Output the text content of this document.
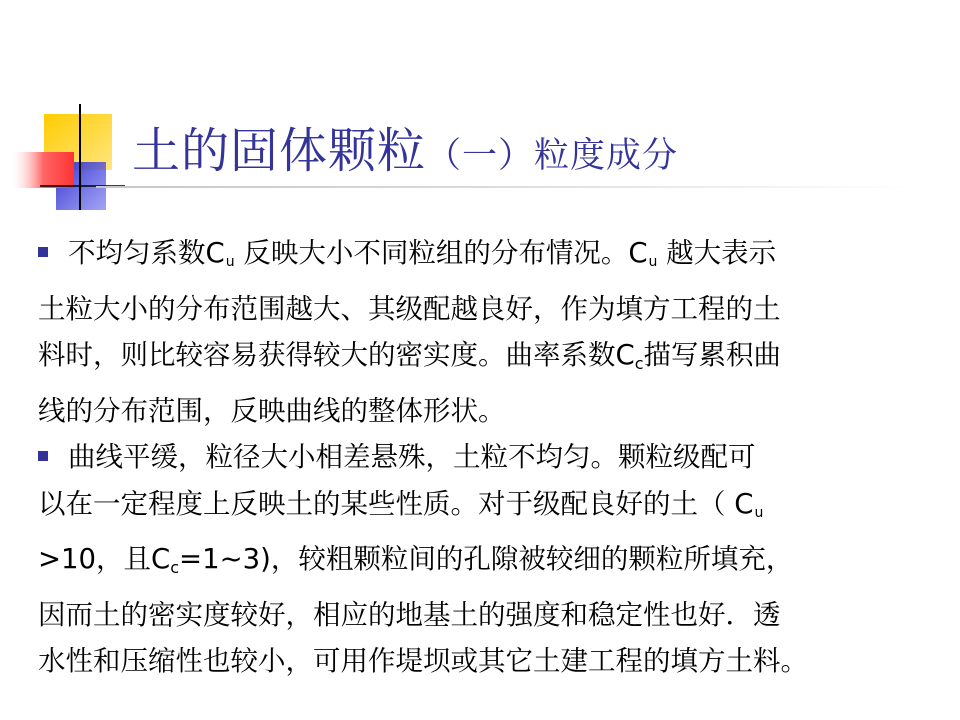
土的固体颗粒（一）粒度成分

不均匀系数$C_u$ 反映大小不同粒组的分布情况。$C_u$ 越大表示
土粒大小的分布范围越大、其级配越良好，作为填方工程的土
料时，则比较容易获得较大的密实度。曲率系数$C_c$描写累积曲
线的分布范围，反映曲线的整体形状。

曲线平缓，粒径大小相差悬殊，土粒不均匀。颗粒级配可
以在一定程度上反映土的某些性质。对于级配良好的土（ $C_u$
>10，且$C_c=1\sim 3$)，较粗颗粒间的孔隙被较细的颗粒所填充，
因而土的密实度较好，相应的地基土的强度和稳定性也好．透
水性和压缩性也较小，可用作堤坝或其它土建工程的填方土料。
